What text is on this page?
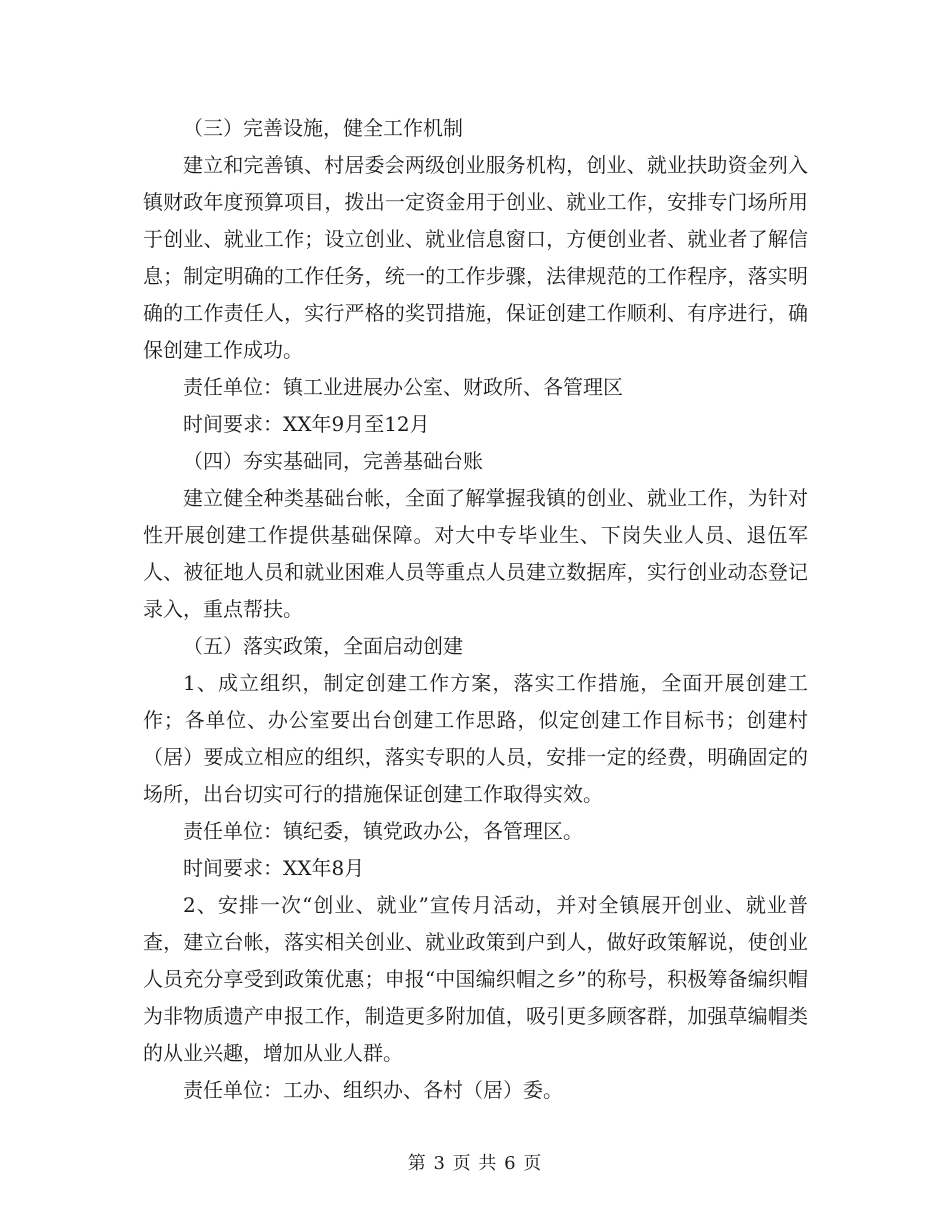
（三）完善设施，健全工作机制

建立和完善镇、村居委会两级创业服务机构，创业、就业扶助资金列入镇财政年度预算项目，拨出一定资金用于创业、就业工作，安排专门场所用于创业、就业工作；设立创业、就业信息窗口，方便创业者、就业者了解信息；制定明确的工作任务，统一的工作步骤，法律规范的工作程序，落实明确的工作责任人，实行严格的奖罚措施，保证创建工作顺利、有序进行，确保创建工作成功。

责任单位：镇工业进展办公室、财政所、各管理区

时间要求：XX年9月至12月

（四）夯实基础同，完善基础台账

建立健全种类基础台帐，全面了解掌握我镇的创业、就业工作，为针对性开展创建工作提供基础保障。对大中专毕业生、下岗失业人员、退伍军人、被征地人员和就业困难人员等重点人员建立数据库，实行创业动态登记录入，重点帮扶。

（五）落实政策，全面启动创建

1、成立组织，制定创建工作方案，落实工作措施，全面开展创建工作；各单位、办公室要出台创建工作思路，似定创建工作目标书；创建村（居）要成立相应的组织，落实专职的人员，安排一定的经费，明确固定的场所，出台切实可行的措施保证创建工作取得实效。

责任单位：镇纪委，镇党政办公，各管理区。

时间要求：XX年8月

2、安排一次“创业、就业”宣传月活动，并对全镇展开创业、就业普查，建立台帐，落实相关创业、就业政策到户到人，做好政策解说，使创业人员充分享受到政策优惠；申报“中国编织帽之乡”的称号，积极筹备编织帽为非物质遗产申报工作，制造更多附加值，吸引更多顾客群，加强草编帽类的从业兴趣，增加从业人群。

责任单位：工办、组织办、各村（居）委。

第 3 页 共 6 页
